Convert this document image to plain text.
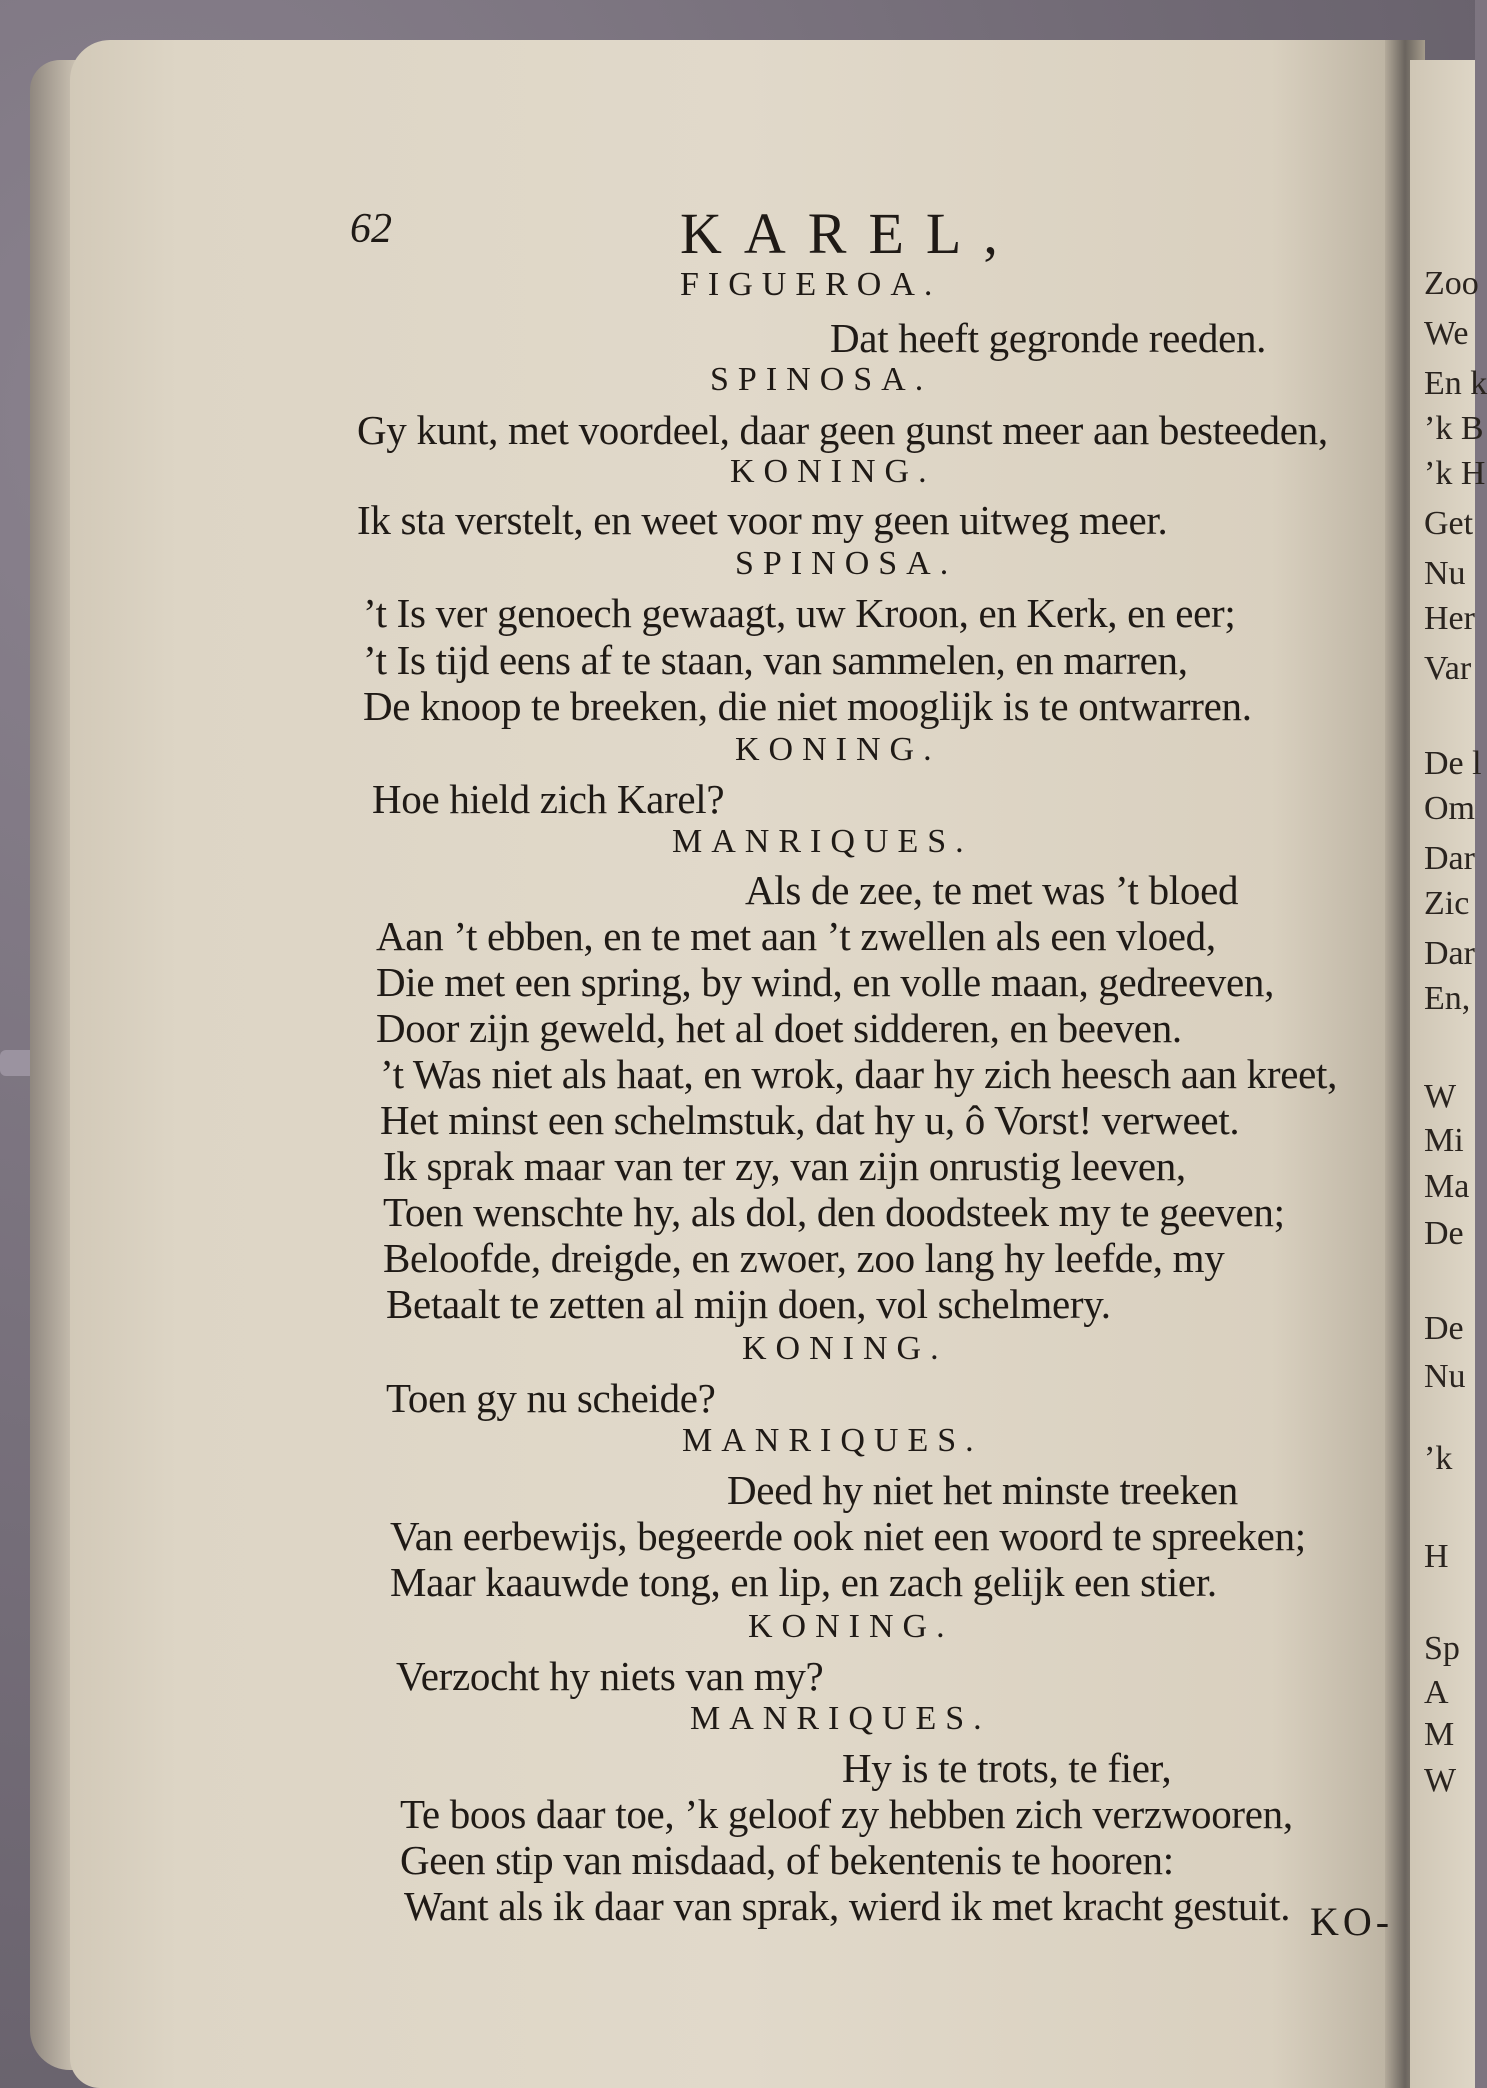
Zoo
We
En k
’k B
’k H
Get
Nu
Her
Var
De l
Om
Dar
Zic
Dar
En,
W
Mi
Ma
De
De
Nu
’k
H
Sp
A
M
W
62	KAREL,
FIGUEROA.
Dat heeft gegronde reeden.
SPINOSA.
Gy kunt, met voordeel, daar geen gunst meer aan besteeden,
KONING.
Ik sta verstelt, en weet voor my geen uitweg meer.
SPINOSA.
’t Is ver genoech gewaagt, uw Kroon, en Kerk, en eer;
’t Is tijd eens af te staan, van sammelen, en marren,
De knoop te breeken, die niet mooglijk is te ontwarren.
KONING.
Hoe hield zich Karel?
MANRIQUES.
Als de zee, te met was ’t bloed
Aan ’t ebben, en te met aan ’t zwellen als een vloed,
Die met een spring, by wind, en volle maan, gedreeven,
Door zijn geweld, het al doet sidderen, en beeven.
’t Was niet als haat, en wrok, daar hy zich heesch aan kreet,
Het minst een schelmstuk, dat hy u, ô Vorst! verweet.
Ik sprak maar van ter zy, van zijn onrustig leeven,
Toen wenschte hy, als dol, den doodsteek my te geeven;
Beloofde, dreigde, en zwoer, zoo lang hy leefde, my
Betaalt te zetten al mijn doen, vol schelmery.
KONING.
Toen gy nu scheide?
MANRIQUES.
Deed hy niet het minste treeken
Van eerbewijs, begeerde ook niet een woord te spreeken;
Maar kaauwde tong, en lip, en zach gelijk een stier.
KONING.
Verzocht hy niets van my?
MANRIQUES.
Hy is te trots, te fier,
Te boos daar toe, ’k geloof zy hebben zich verzwooren,
Geen stip van misdaad, of bekentenis te hooren:
Want als ik daar van sprak, wierd ik met kracht gestuit. KO-
